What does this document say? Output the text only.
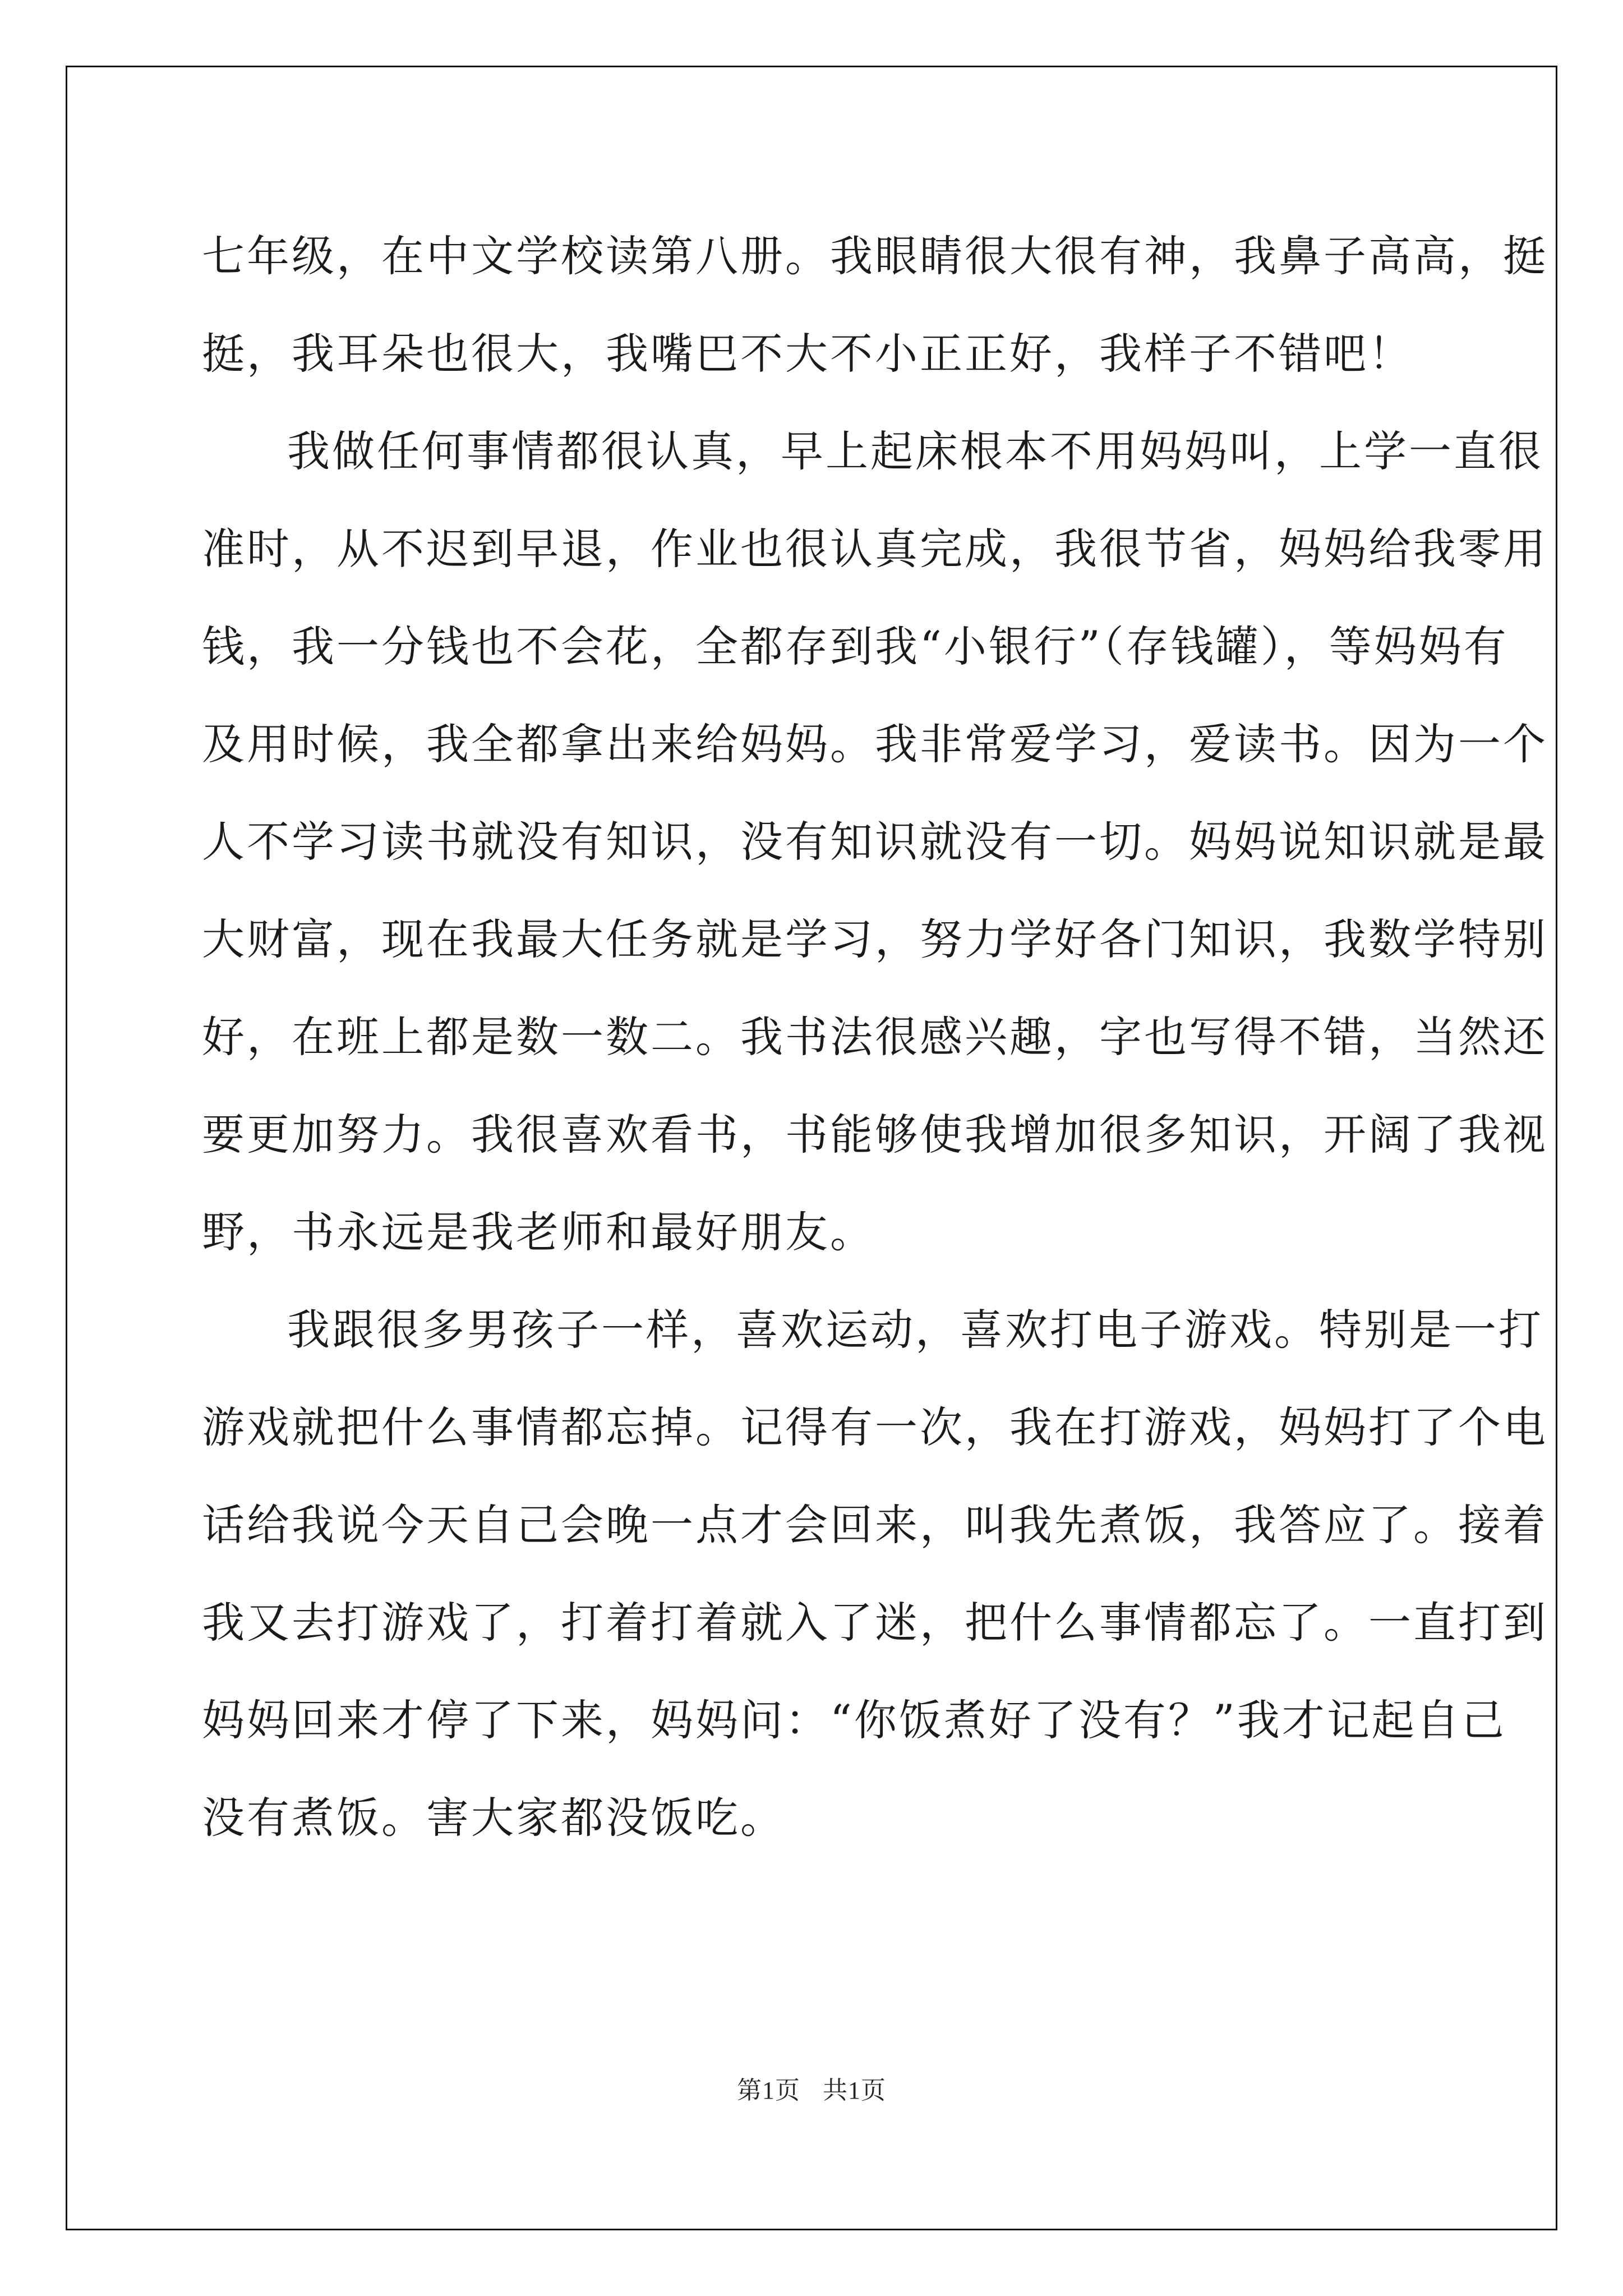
七年级，在中文学校读第八册。我眼睛很大很有神，我鼻子高高，挺
挺，我耳朵也很大，我嘴巴不大不小正正好，我样子不错吧！
我做任何事情都很认真，早上起床根本不用妈妈叫，上学一直很
准时，从不迟到早退，作业也很认真完成，我很节省，妈妈给我零用
钱，我一分钱也不会花，全都存到我“小银行”（存钱罐），等妈妈有
及用时候，我全都拿出来给妈妈。我非常爱学习，爱读书。因为一个
人不学习读书就没有知识，没有知识就没有一切。妈妈说知识就是最
大财富，现在我最大任务就是学习，努力学好各门知识，我数学特别
好，在班上都是数一数二。我书法很感兴趣，字也写得不错，当然还
要更加努力。我很喜欢看书，书能够使我增加很多知识，开阔了我视
野，书永远是我老师和最好朋友。
我跟很多男孩子一样，喜欢运动，喜欢打电子游戏。特别是一打
游戏就把什么事情都忘掉。记得有一次，我在打游戏，妈妈打了个电
话给我说今天自己会晚一点才会回来，叫我先煮饭，我答应了。接着
我又去打游戏了，打着打着就入了迷，把什么事情都忘了。一直打到
妈妈回来才停了下来，妈妈问：“你饭煮好了没有？”我才记起自己
没有煮饭。害大家都没饭吃。
第1页 共1页
